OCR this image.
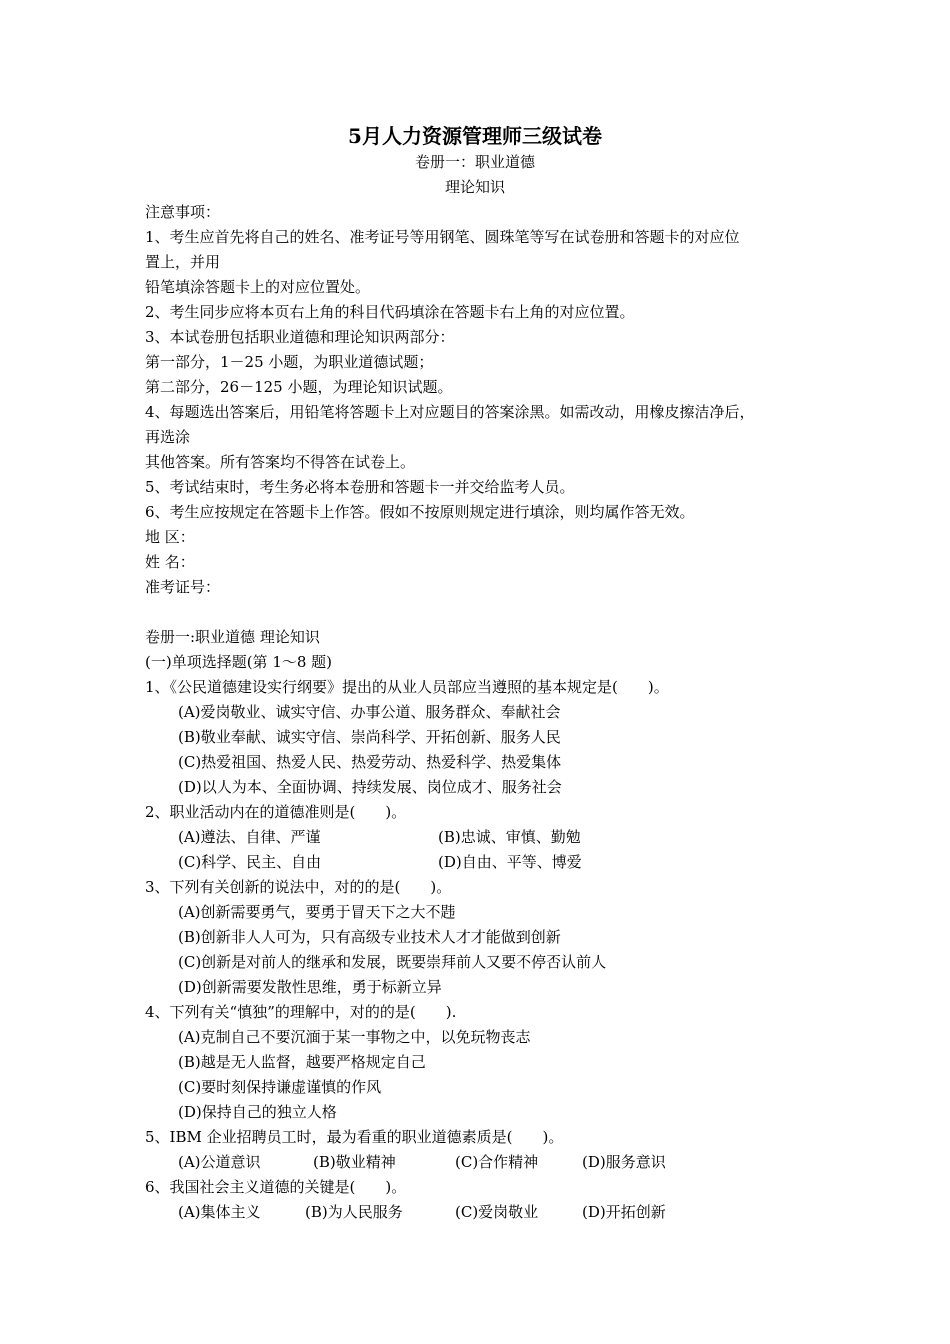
5月人力资源管理师三级试卷
卷册一：职业道德
理论知识
注意事项：
1、考生应首先将自己的姓名、准考证号等用钢笔、圆珠笔等写在试卷册和答题卡的对应位
置上，并用
铅笔填涂答题卡上的对应位置处。
2、考生同步应将本页右上角的科目代码填涂在答题卡右上角的对应位置。
3、本试卷册包括职业道德和理论知识两部分：
第一部分，1－25 小题，为职业道德试题；
第二部分，26－125 小题，为理论知识试题。
4、每题选出答案后，用铅笔将答题卡上对应题目的答案涂黑。如需改动，用橡皮擦洁净后，
再选涂
其他答案。所有答案均不得答在试卷上。
5、考试结束时，考生务必将本卷册和答题卡一并交给监考人员。
6、考生应按规定在答题卡上作答。假如不按原则规定进行填涂，则均属作答无效。
地 区：
姓 名：
准考证号：
卷册一:职业道德 理论知识
(一)单项选择题(第 1～8 题)
1、《公民道德建设实行纲要》提出的从业人员部应当遵照的基本规定是(　　)。
(A)爱岗敬业、诚实守信、办事公道、服务群众、奉献社会
(B)敬业奉献、诚实守信、崇尚科学、开拓创新、服务人民
(C)热爱祖国、热爱人民、热爱劳动、热爱科学、热爱集体
(D)以人为本、全面协调、持续发展、岗位成才、服务社会
2、职业活动内在的道德准则是(　　)。
(A)遵法、自律、严谨	(B)忠诚、审慎、勤勉
(C)科学、民主、自由	(D)自由、平等、博爱
3、下列有关创新的说法中，对的的是(　　)。
(A)创新需要勇气，要勇于冒天下之大不韪
(B)创新非人人可为，只有高级专业技术人才才能做到创新
(C)创新是对前人的继承和发展，既要崇拜前人又要不停否认前人
(D)创新需要发散性思维，勇于标新立异
4、下列有关“慎独”的理解中，对的的是(　　).
(A)克制自己不要沉湎于某一事物之中，以免玩物丧志
(B)越是无人监督，越要严格规定自己
(C)要时刻保持谦虚谨慎的作风
(D)保持自己的独立人格
5、IBM 企业招聘员工时，最为看重的职业道德素质是(　　)。
(A)公道意识	(B)敬业精神	(C)合作精神	(D)服务意识
6、我国社会主义道德的关键是(　　)。
(A)集体主义	(B)为人民服务	(C)爱岗敬业	(D)开拓创新
